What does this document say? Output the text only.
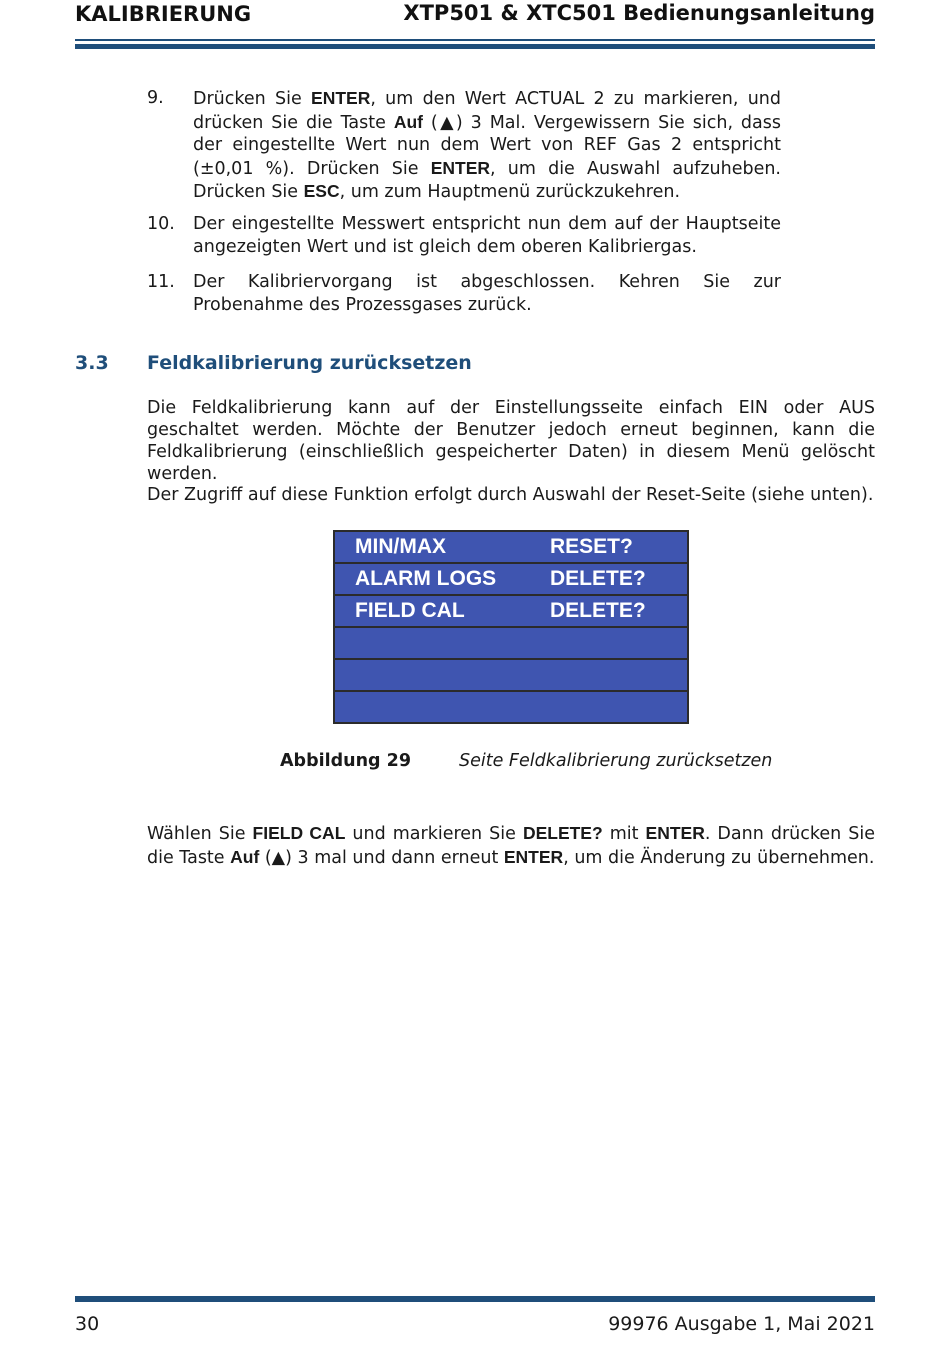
KALIBRIERUNG	XTP501 & XTC501 Bedienungsanleitung
9. Drücken Sie ENTER, um den Wert ACTUAL 2 zu markieren, und drücken Sie die Taste Auf (▲) 3 Mal. Vergewissern Sie sich, dass der eingestellte Wert nun dem Wert von REF Gas 2 entspricht (±0,01 %). Drücken Sie ENTER, um die Auswahl aufzuheben. Drücken Sie ESC, um zum Hauptmenü zurückzukehren.
10. Der eingestellte Messwert entspricht nun dem auf der Hauptseite angezeigten Wert und ist gleich dem oberen Kalibriergas.
11. Der Kalibriervorgang ist abgeschlossen. Kehren Sie zur Probenahme des Prozessgases zurück.
3.3 Feldkalibrierung zurücksetzen
Die Feldkalibrierung kann auf der Einstellungsseite einfach EIN oder AUS geschaltet werden. Möchte der Benutzer jedoch erneut beginnen, kann die Feldkalibrierung (einschließlich gespeicherter Daten) in diesem Menü gelöscht werden.
Der Zugriff auf diese Funktion erfolgt durch Auswahl der Reset-Seite (siehe unten).
MIN/MAX	RESET?
ALARM LOGS	DELETE?
FIELD CAL	DELETE?
Abbildung 29	Seite Feldkalibrierung zurücksetzen
Wählen Sie FIELD CAL und markieren Sie DELETE? mit ENTER. Dann drücken Sie die Taste Auf (▲) 3 mal und dann erneut ENTER, um die Änderung zu übernehmen.
30	99976 Ausgabe 1, Mai 2021
